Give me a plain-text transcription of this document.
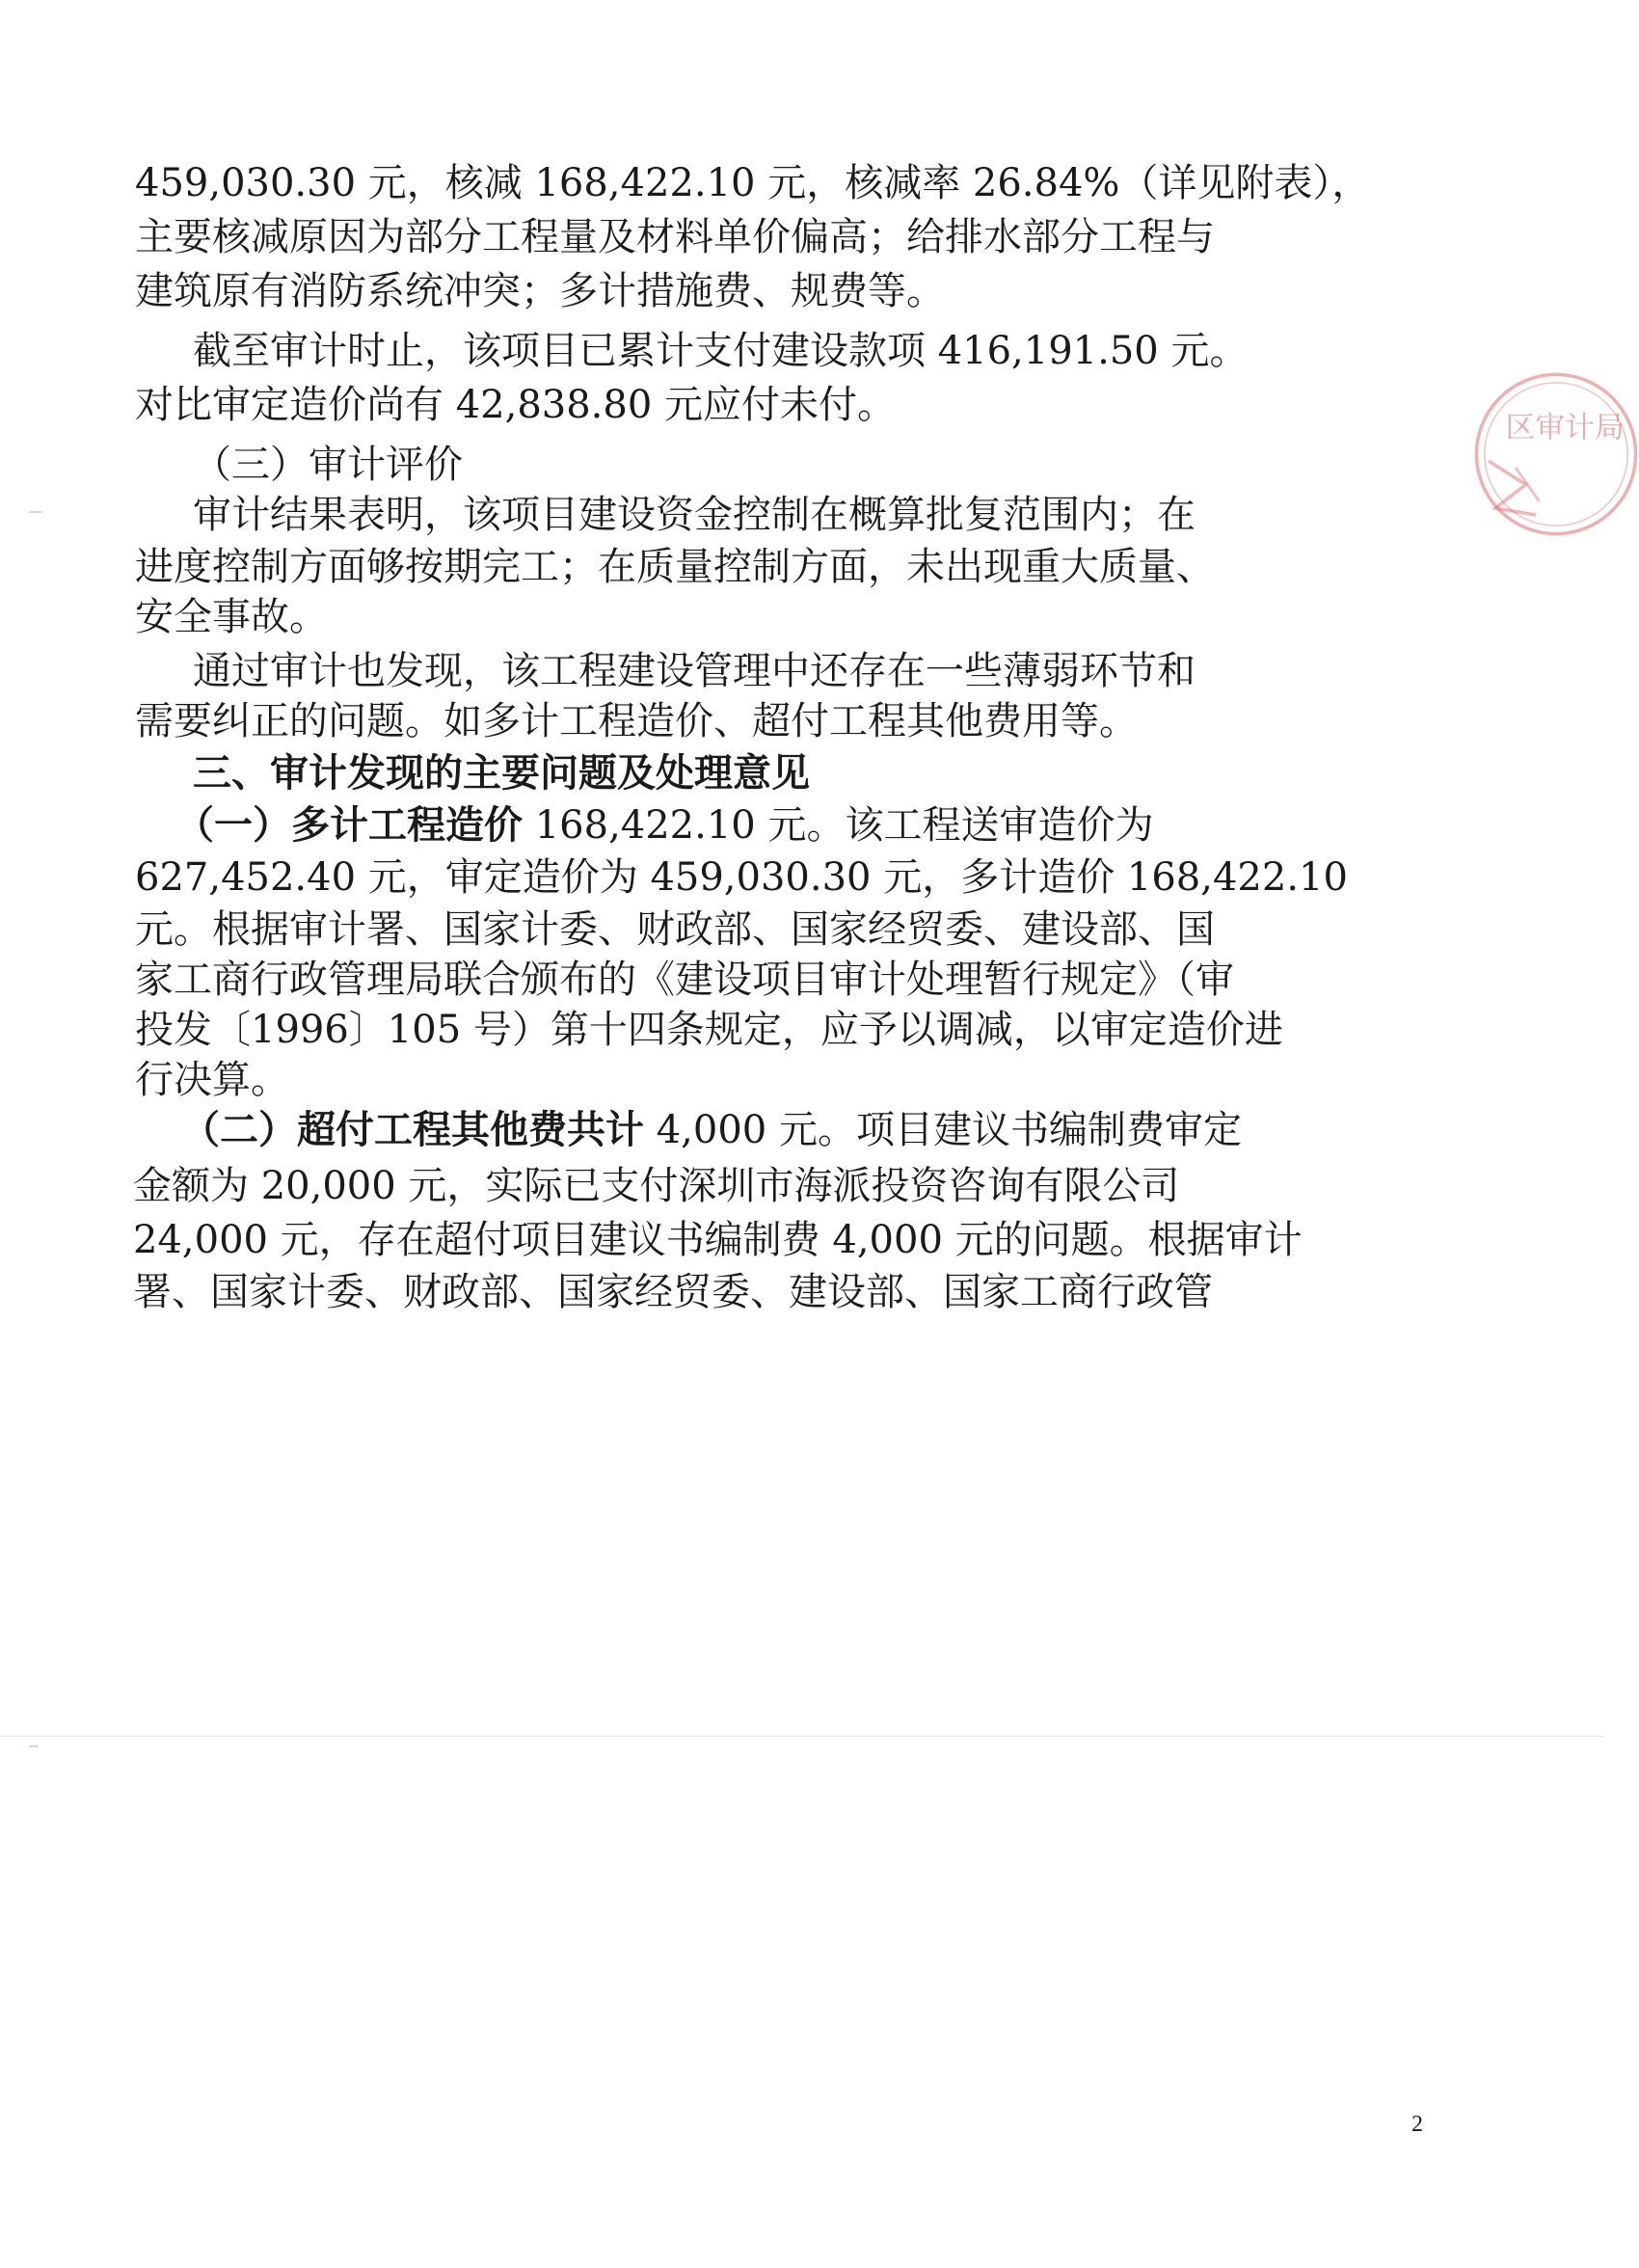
459,030.30 元，核减 168,422.10 元，核减率 26.84%（详见附表），

主要核减原因为部分工程量及材料单价偏高；给排水部分工程与

建筑原有消防系统冲突；多计措施费、规费等。

截至审计时止，该项目已累计支付建设款项 416,191.50 元。

对比审定造价尚有 42,838.80 元应付未付。

（三）审计评价

审计结果表明，该项目建设资金控制在概算批复范围内；在

进度控制方面够按期完工；在质量控制方面，未出现重大质量、

安全事故。

通过审计也发现，该工程建设管理中还存在一些薄弱环节和

需要纠正的问题。如多计工程造价、超付工程其他费用等。

三、审计发现的主要问题及处理意见

（一）多计工程造价 168,422.10 元。该工程送审造价为

627,452.40 元，审定造价为 459,030.30 元，多计造价 168,422.10

元。根据审计署、国家计委、财政部、国家经贸委、建设部、国

家工商行政管理局联合颁布的《建设项目审计处理暂行规定》（审

投发〔1996〕105 号）第十四条规定，应予以调减，以审定造价进

行决算。

（二）超付工程其他费共计 4,000 元。项目建议书编制费审定

金额为 20,000 元，实际已支付深圳市海派投资咨询有限公司

24,000 元，存在超付项目建议书编制费 4,000 元的问题。根据审计

署、国家计委、财政部、国家经贸委、建设部、国家工商行政管

2
区审计局
